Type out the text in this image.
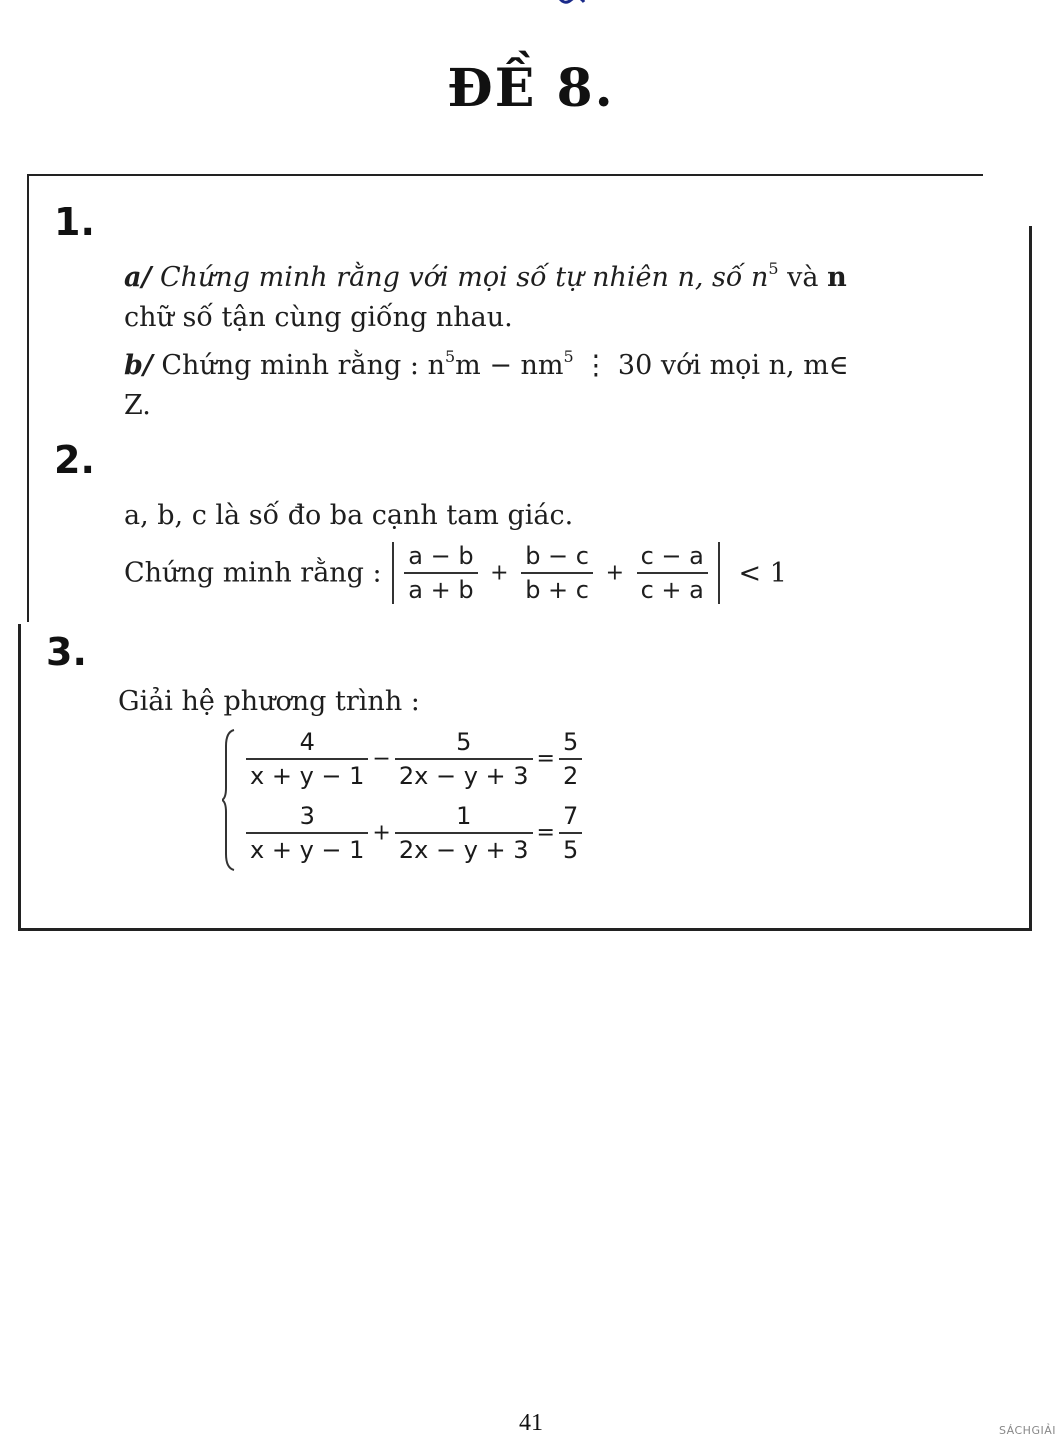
ĐỀ 8.
1.
a/ Chứng minh rằng với mọi số tự nhiên n, số $n^5$ và n
chữ số tận cùng giống nhau.
b/ Chứng minh rằng : $n^5m - nm^5$ ⋮ 30 với mọi n, m∈
Z.
2.
a, b, c là số đo ba cạnh tam giác.
Chứng minh rằng : $\frac{a - b}{a + b} + \frac{b - c}{b + c} + \frac{c - a}{c + a} < 1$
3.
Giải hệ phương trình :
$\frac{4}{x + y - 1} - \frac{5}{2x - y + 3} = \frac{5}{2}$
$\frac{3}{x + y - 1} + \frac{1}{2x - y + 3} = \frac{7}{5}$
41	SÁCHGIẢI
